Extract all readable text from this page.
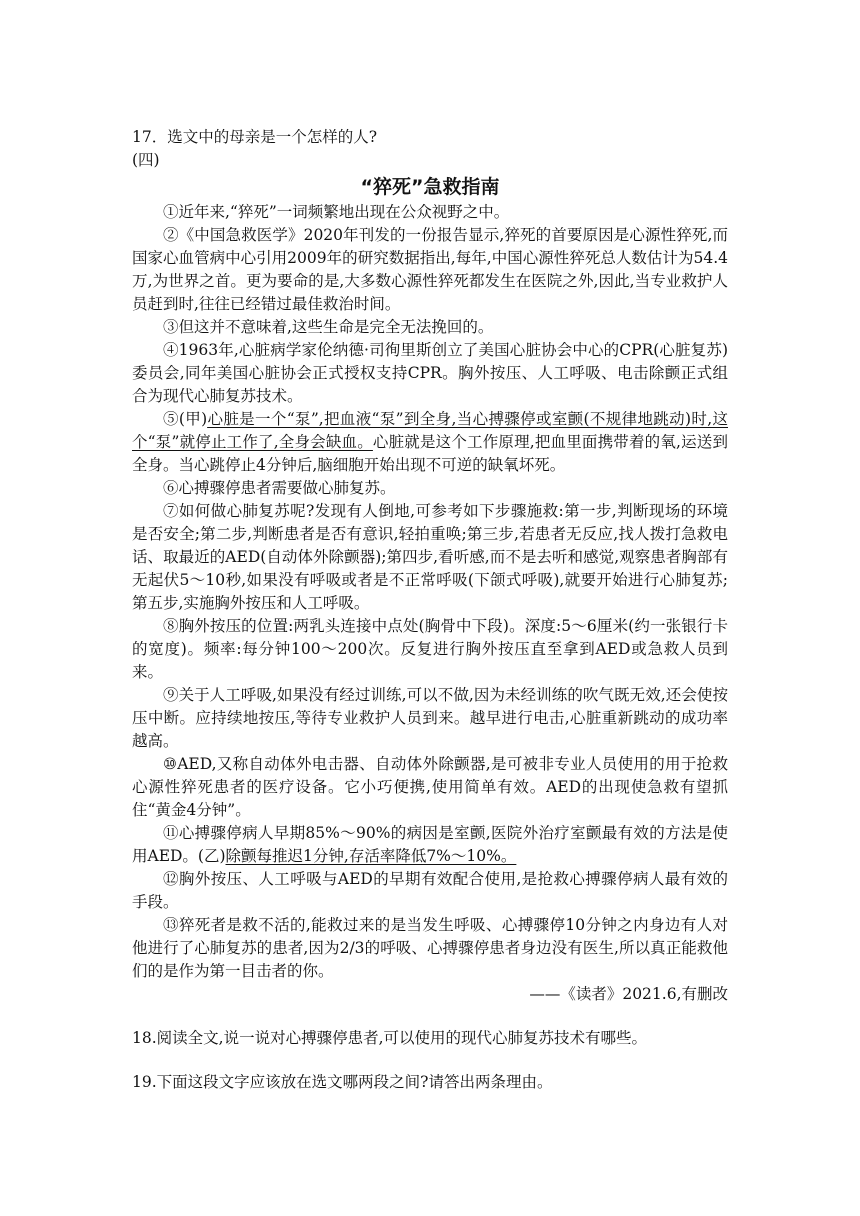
17．选文中的母亲是一个怎样的人?

(四)

“猝死”急救指南

①近年来,“猝死”一词频繁地出现在公众视野之中。

②《中国急救医学》2020年刊发的一份报告显示,猝死的首要原因是心源性猝死,而国家心血管病中心引用2009年的研究数据指出,每年,中国心源性猝死总人数估计为54.4万,为世界之首。更为要命的是,大多数心源性猝死都发生在医院之外,因此,当专业救护人员赶到时,往往已经错过最佳救治时间。

③但这并不意味着,这些生命是完全无法挽回的。

④1963年,心脏病学家伦纳德·司徇里斯创立了美国心脏协会中心的CPR(心脏复苏)委员会,同年美国心脏协会正式授权支持CPR。胸外按压、人工呼吸、电击除颤正式组合为现代心肺复苏技术。

⑤(甲)心脏是一个“泵”,把血液“泵”到全身,当心搏骤停或室颤(不规律地跳动)时,这个“泵”就停止工作了,全身会缺血。心脏就是这个工作原理,把血里面携带着的氧,运送到全身。当心跳停止4分钟后,脑细胞开始出现不可逆的缺氧坏死。

⑥心搏骤停患者需要做心肺复苏。

⑦如何做心肺复苏呢?发现有人倒地,可参考如下步骤施救:第一步,判断现场的环境是否安全;第二步,判断患者是否有意识,轻拍重唤;第三步,若患者无反应,找人拨打急救电话、取最近的AED(自动体外除颤器);第四步,看听感,而不是去听和感觉,观察患者胸部有无起伏5～10秒,如果没有呼吸或者是不正常呼吸(下颌式呼吸),就要开始进行心肺复苏;第五步,实施胸外按压和人工呼吸。

⑧胸外按压的位置:两乳头连接中点处(胸骨中下段)。深度:5～6厘米(约一张银行卡的宽度)。频率:每分钟100～200次。反复进行胸外按压直至拿到AED或急救人员到来。

⑨关于人工呼吸,如果没有经过训练,可以不做,因为未经训练的吹气既无效,还会使按压中断。应持续地按压,等待专业救护人员到来。越早进行电击,心脏重新跳动的成功率越高。

⑩AED,又称自动体外电击器、自动体外除颤器,是可被非专业人员使用的用于抢救心源性猝死患者的医疗设备。它小巧便携,使用简单有效。AED的出现使急救有望抓住“黄金4分钟”。

⑪心搏骤停病人早期85%～90%的病因是室颤,医院外治疗室颤最有效的方法是使用AED。(乙)除颤每推迟1分钟,存活率降低7%～10%。

⑫胸外按压、人工呼吸与AED的早期有效配合使用,是抢救心搏骤停病人最有效的手段。

⑬猝死者是救不活的,能救过来的是当发生呼吸、心搏骤停10分钟之内身边有人对他进行了心肺复苏的患者,因为2/3的呼吸、心搏骤停患者身边没有医生,所以真正能救他们的是作为第一目击者的你。

——《读者》2021.6,有删改

18.阅读全文,说一说对心搏骤停患者,可以使用的现代心肺复苏技术有哪些。

19.下面这段文字应该放在选文哪两段之间?请答出两条理由。
